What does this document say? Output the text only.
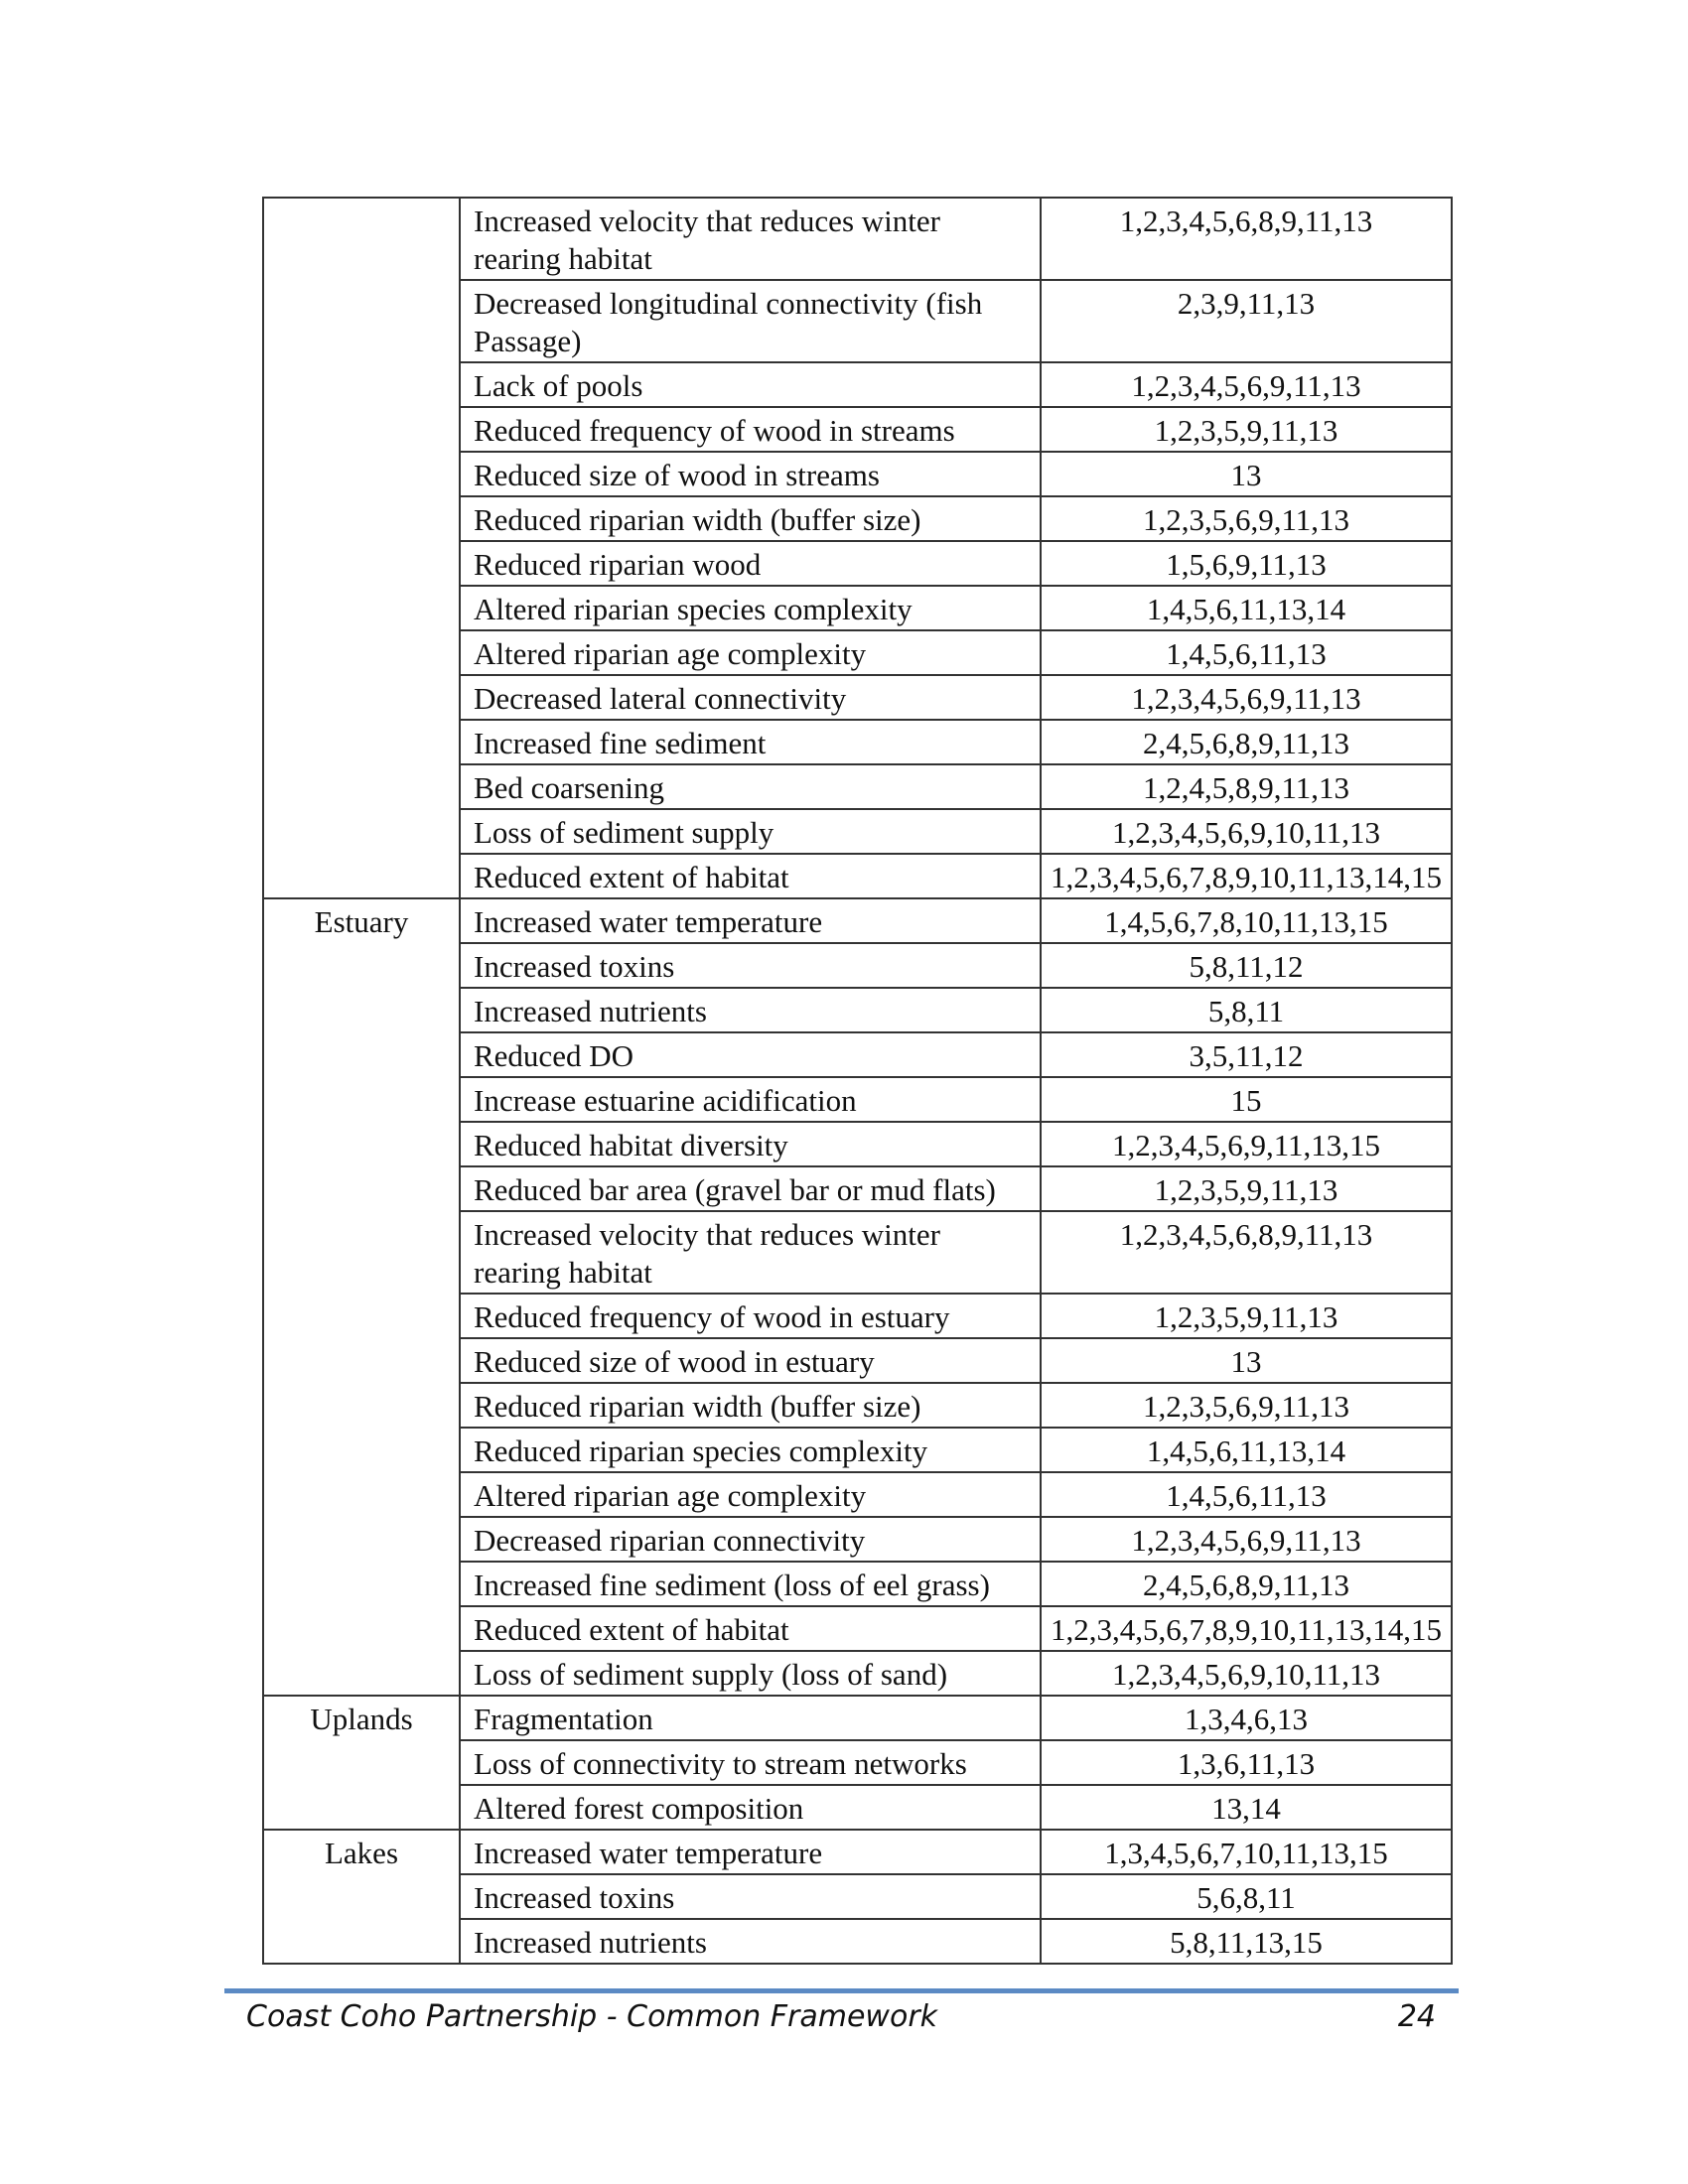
	Increased velocity that reduces winter rearing habitat	1,2,3,4,5,6,8,9,11,13
	Decreased longitudinal connectivity (fish Passage)	2,3,9,11,13
	Lack of pools	1,2,3,4,5,6,9,11,13
	Reduced frequency of wood in streams	1,2,3,5,9,11,13
	Reduced size of wood in streams	13
	Reduced riparian width (buffer size)	1,2,3,5,6,9,11,13
	Reduced riparian wood	1,5,6,9,11,13
	Altered riparian species complexity	1,4,5,6,11,13,14
	Altered riparian age complexity	1,4,5,6,11,13
	Decreased lateral connectivity	1,2,3,4,5,6,9,11,13
	Increased fine sediment	2,4,5,6,8,9,11,13
	Bed coarsening	1,2,4,5,8,9,11,13
	Loss of sediment supply	1,2,3,4,5,6,9,10,11,13
	Reduced extent of habitat	1,2,3,4,5,6,7,8,9,10,11,13,14,15
Estuary	Increased water temperature	1,4,5,6,7,8,10,11,13,15
	Increased toxins	5,8,11,12
	Increased nutrients	5,8,11
	Reduced DO	3,5,11,12
	Increase estuarine acidification	15
	Reduced habitat diversity	1,2,3,4,5,6,9,11,13,15
	Reduced bar area (gravel bar or mud flats)	1,2,3,5,9,11,13
	Increased velocity that reduces winter rearing habitat	1,2,3,4,5,6,8,9,11,13
	Reduced frequency of wood in estuary	1,2,3,5,9,11,13
	Reduced size of wood in estuary	13
	Reduced riparian width (buffer size)	1,2,3,5,6,9,11,13
	Reduced riparian species complexity	1,4,5,6,11,13,14
	Altered riparian age complexity	1,4,5,6,11,13
	Decreased riparian connectivity	1,2,3,4,5,6,9,11,13
	Increased fine sediment (loss of eel grass)	2,4,5,6,8,9,11,13
	Reduced extent of habitat	1,2,3,4,5,6,7,8,9,10,11,13,14,15
	Loss of sediment supply (loss of sand)	1,2,3,4,5,6,9,10,11,13
Uplands	Fragmentation	1,3,4,6,13
	Loss of connectivity to stream networks	1,3,6,11,13
	Altered forest composition	13,14
Lakes	Increased water temperature	1,3,4,5,6,7,10,11,13,15
	Increased toxins	5,6,8,11
	Increased nutrients	5,8,11,13,15
Coast Coho Partnership - Common Framework	24
